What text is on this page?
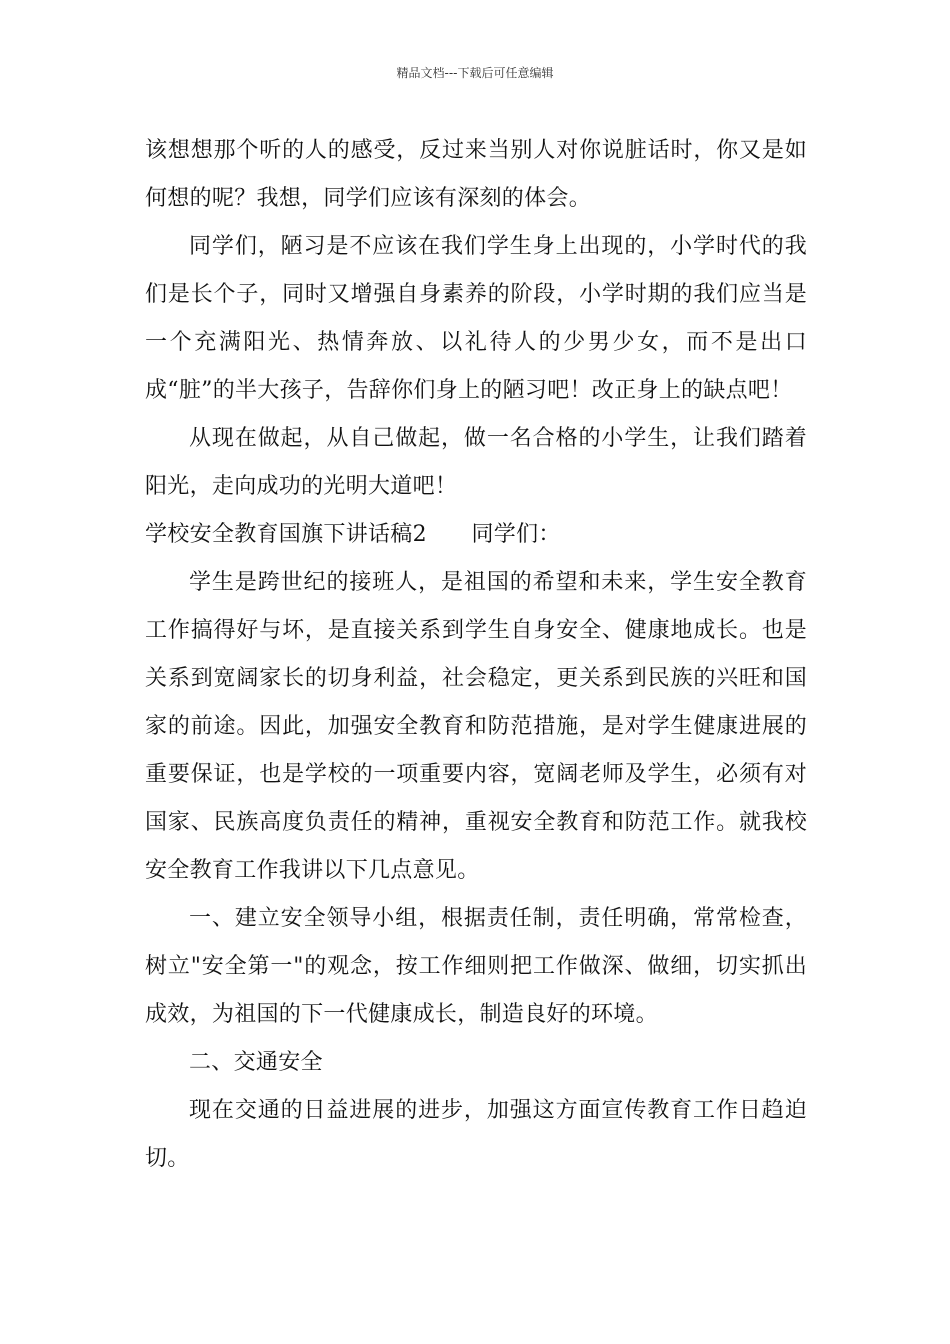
精品文档---下载后可任意编辑

该想想那个听的人的感受，反过来当别人对你说脏话时，你又是如何想的呢？我想，同学们应该有深刻的体会。

同学们，陋习是不应该在我们学生身上出现的，小学时代的我们是长个子，同时又增强自身素养的阶段，小学时期的我们应当是一个充满阳光、热情奔放、以礼待人的少男少女，而不是出口成“脏”的半大孩子，告辞你们身上的陋习吧！改正身上的缺点吧！

从现在做起，从自己做起，做一名合格的小学生，让我们踏着阳光，走向成功的光明大道吧！

学校安全教育国旗下讲话稿2　　同学们：

学生是跨世纪的接班人，是祖国的希望和未来，学生安全教育工作搞得好与坏，是直接关系到学生自身安全、健康地成长。也是关系到宽阔家长的切身利益，社会稳定，更关系到民族的兴旺和国家的前途。因此，加强安全教育和防范措施，是对学生健康进展的重要保证，也是学校的一项重要内容，宽阔老师及学生，必须有对国家、民族高度负责任的精神，重视安全教育和防范工作。就我校安全教育工作我讲以下几点意见。

一、建立安全领导小组，根据责任制，责任明确，常常检查，树立"安全第一"的观念，按工作细则把工作做深、做细，切实抓出成效，为祖国的下一代健康成长，制造良好的环境。

二、交通安全

现在交通的日益进展的进步，加强这方面宣传教育工作日趋迫切。
